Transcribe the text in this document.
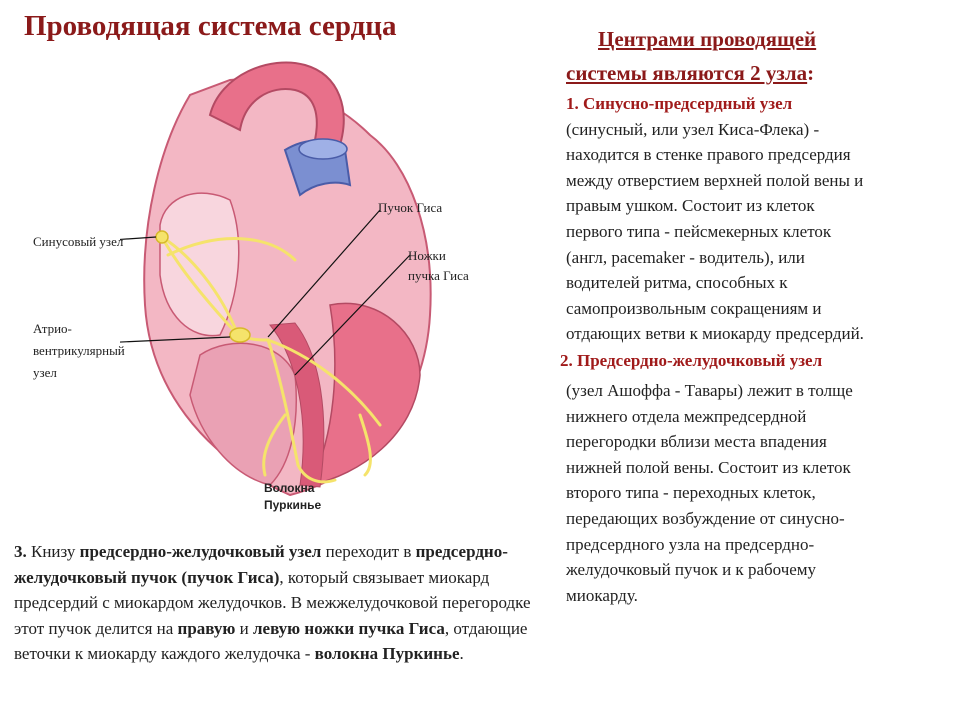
Проводящая система сердца
Синусовый узел
Атрио-вентрикулярный узел
Пучок Гиса
Ножки пучка Гиса
Волокна Пуркинье
Центрами проводящей
системы являются 2 узла:
1. Синусно-предсердный узел
(синусный, или узел Киса-Флека) -
находится в стенке правого предсердия
между отверстием верхней полой вены и
правым ушком. Состоит из клеток
первого типа - пейсмекерных клеток
(англ, pacemaker - водитель), или
водителей ритма, способных к
самопроизвольным сокращениям и
отдающих ветви к миокарду предсердий.
2. Предсердно-желудочковый узел
(узел Ашоффа - Тавары) лежит в толще
нижнего отдела межпредсердной
перегородки вблизи места впадения
нижней полой вены. Состоит из клеток
второго типа - переходных клеток,
передающих возбуждение от синусно-
предсердного узла на предсердно-
желудочковый пучок и к рабочему
миокарду.
3. Книзу предсердно-желудочковый узел переходит в предсердно-желудочковый пучок (пучок Гиса), который связывает миокард предсердий с миокардом желудочков. В межжелудочковой перегородке этот пучок делится на правую и левую ножки пучка Гиса, отдающие веточки к миокарду каждого желудочка - волокна Пуркинье.
